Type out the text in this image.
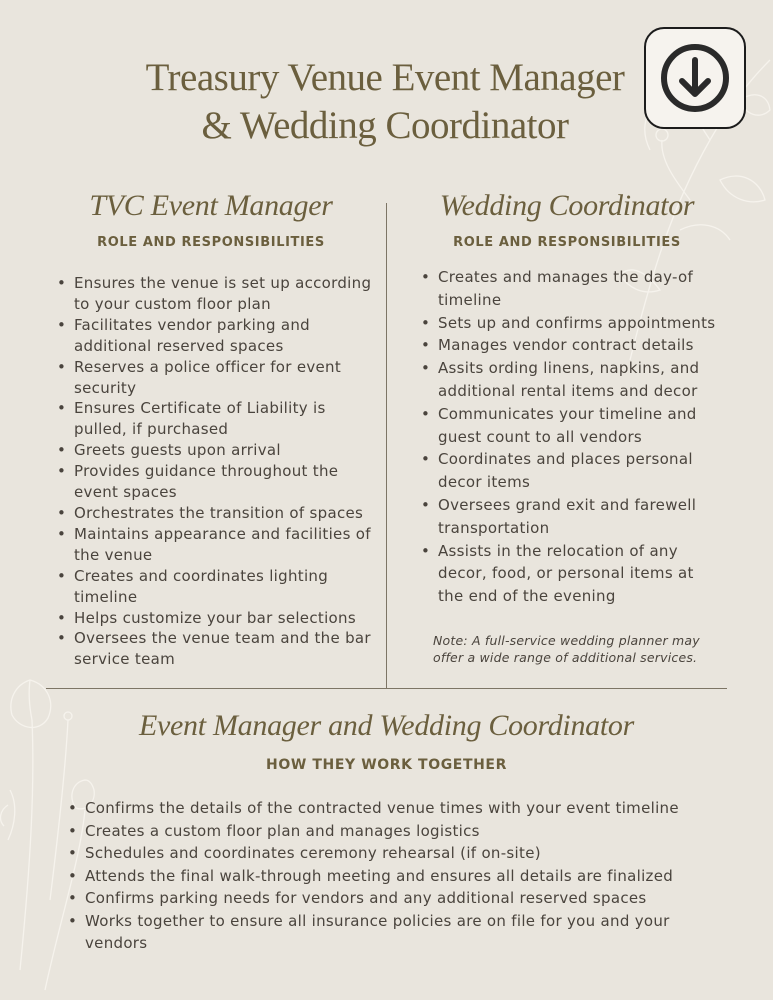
Treasury Venue Event Manager
& Wedding Coordinator
TVC Event Manager

ROLE AND RESPONSIBILITIES

• Ensures the venue is set up according to your custom floor plan
• Facilitates vendor parking and additional reserved spaces
• Reserves a police officer for event security
• Ensures Certificate of Liability is pulled, if purchased
• Greets guests upon arrival
• Provides guidance throughout the event spaces
• Orchestrates the transition of spaces
• Maintains appearance and facilities of the venue
• Creates and coordinates lighting timeline
• Helps customize your bar selections
• Oversees the venue team and the bar service team
Wedding Coordinator

ROLE AND RESPONSIBILITIES

• Creates and manages the day-of timeline
• Sets up and confirms appointments
• Manages vendor contract details
• Assits ording linens, napkins, and additional rental items and decor
• Communicates your timeline and guest count to all vendors
• Coordinates and places personal decor items
• Oversees grand exit and farewell transportation
• Assists in the relocation of any decor, food, or personal items at the end of the evening

Note: A full-service wedding planner may offer a wide range of additional services.

Event Manager and Wedding Coordinator

HOW THEY WORK TOGETHER

• Confirms the details of the contracted venue times with your event timeline
• Creates a custom floor plan and manages logistics
• Schedules and coordinates ceremony rehearsal (if on-site)
• Attends the final walk-through meeting and ensures all details are finalized
• Confirms parking needs for vendors and any additional reserved spaces
• Works together to ensure all insurance policies are on file for you and your vendors
